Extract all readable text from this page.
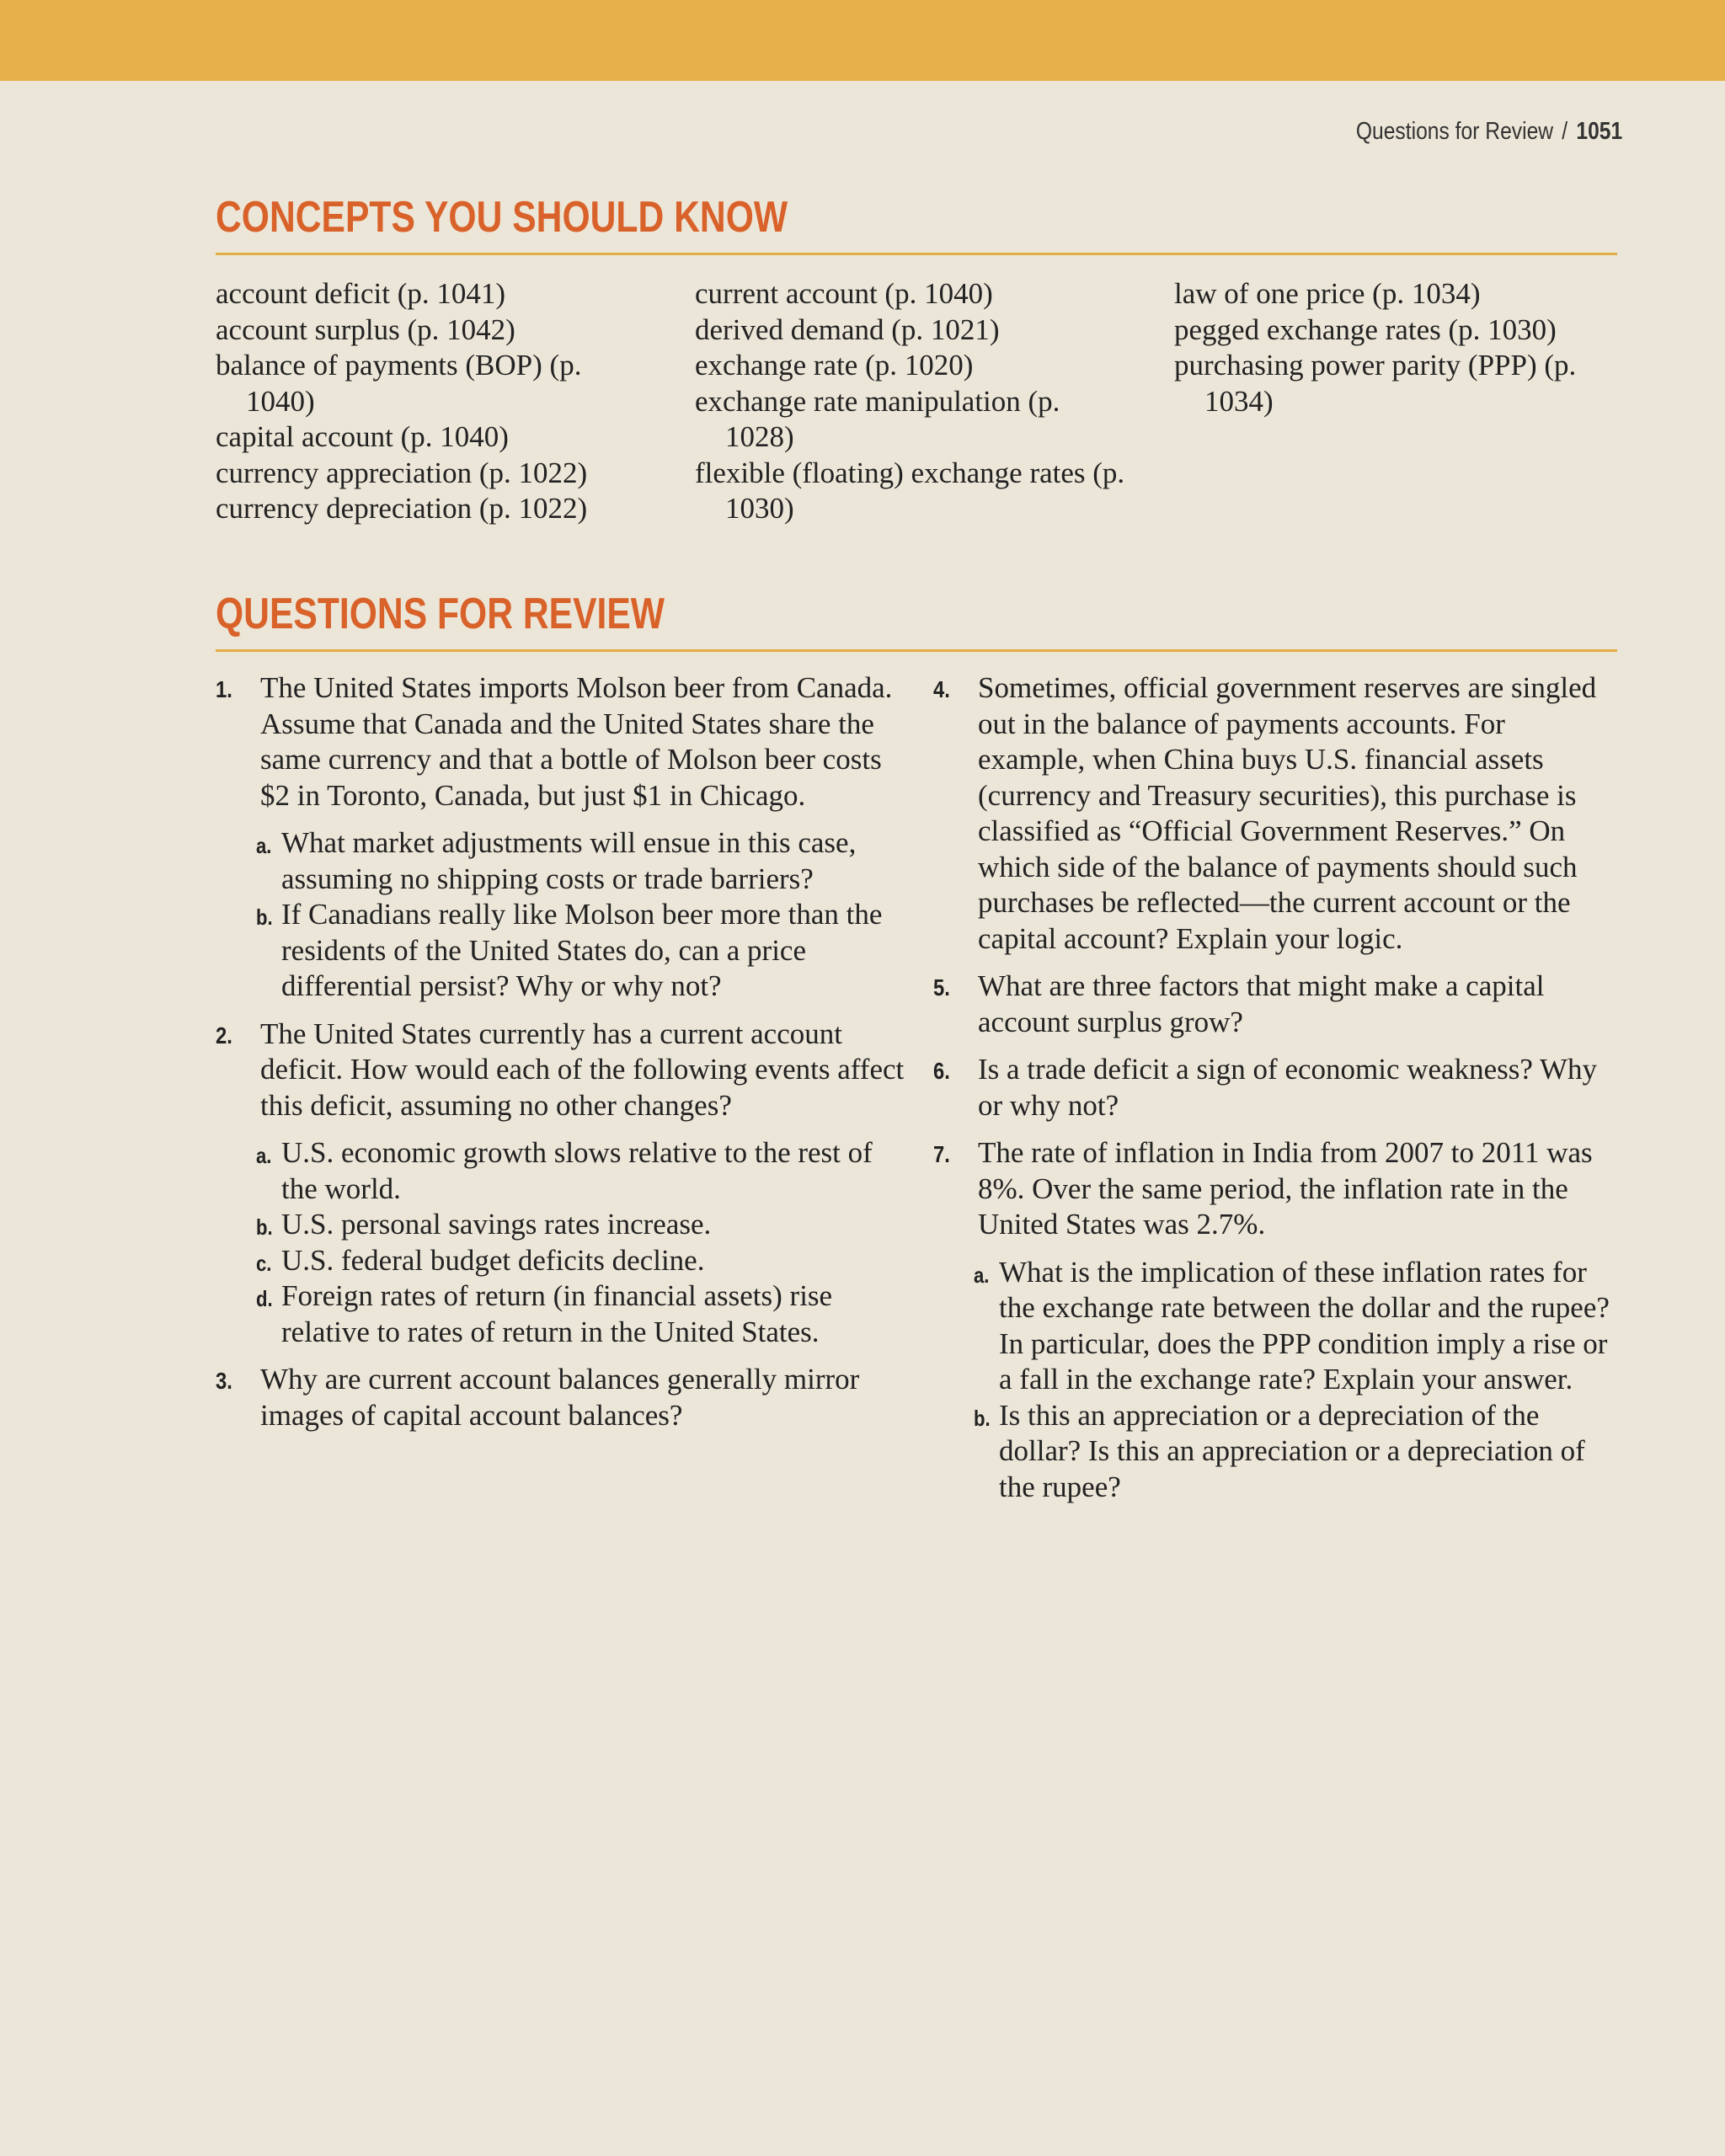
Questions for Review / 1051
CONCEPTS YOU SHOULD KNOW
account deficit (p. 1041)
account surplus (p. 1042)
balance of payments (BOP) (p. 1040)
capital account (p. 1040)
currency appreciation (p. 1022)
currency depreciation (p. 1022)
current account (p. 1040)
derived demand (p. 1021)
exchange rate (p. 1020)
exchange rate manipulation (p. 1028)
flexible (floating) exchange rates (p. 1030)
law of one price (p. 1034)
pegged exchange rates (p. 1030)
purchasing power parity (PPP) (p. 1034)
QUESTIONS FOR REVIEW
1. The United States imports Molson beer from Canada. Assume that Canada and the United States share the same currency and that a bottle of Molson beer costs $2 in Toronto, Canada, but just $1 in Chicago.
a. What market adjustments will ensue in this case, assuming no shipping costs or trade barriers?
b. If Canadians really like Molson beer more than the residents of the United States do, can a price differential persist? Why or why not?
2. The United States currently has a current account deficit. How would each of the following events affect this deficit, assuming no other changes?
a. U.S. economic growth slows relative to the rest of the world.
b. U.S. personal savings rates increase.
c. U.S. federal budget deficits decline.
d. Foreign rates of return (in financial assets) rise relative to rates of return in the United States.
3. Why are current account balances generally mirror images of capital account balances?
4. Sometimes, official government reserves are singled out in the balance of payments accounts. For example, when China buys U.S. financial assets (currency and Treasury securities), this purchase is classified as “Official Government Reserves.” On which side of the balance of payments should such purchases be reflected—the current account or the capital account? Explain your logic.
5. What are three factors that might make a capital account surplus grow?
6. Is a trade deficit a sign of economic weakness? Why or why not?
7. The rate of inflation in India from 2007 to 2011 was 8%. Over the same period, the inflation rate in the United States was 2.7%.
a. What is the implication of these inflation rates for the exchange rate between the dollar and the rupee? In particular, does the PPP condition imply a rise or a fall in the exchange rate? Explain your answer.
b. Is this an appreciation or a depreciation of the dollar? Is this an appreciation or a depreciation of the rupee?
